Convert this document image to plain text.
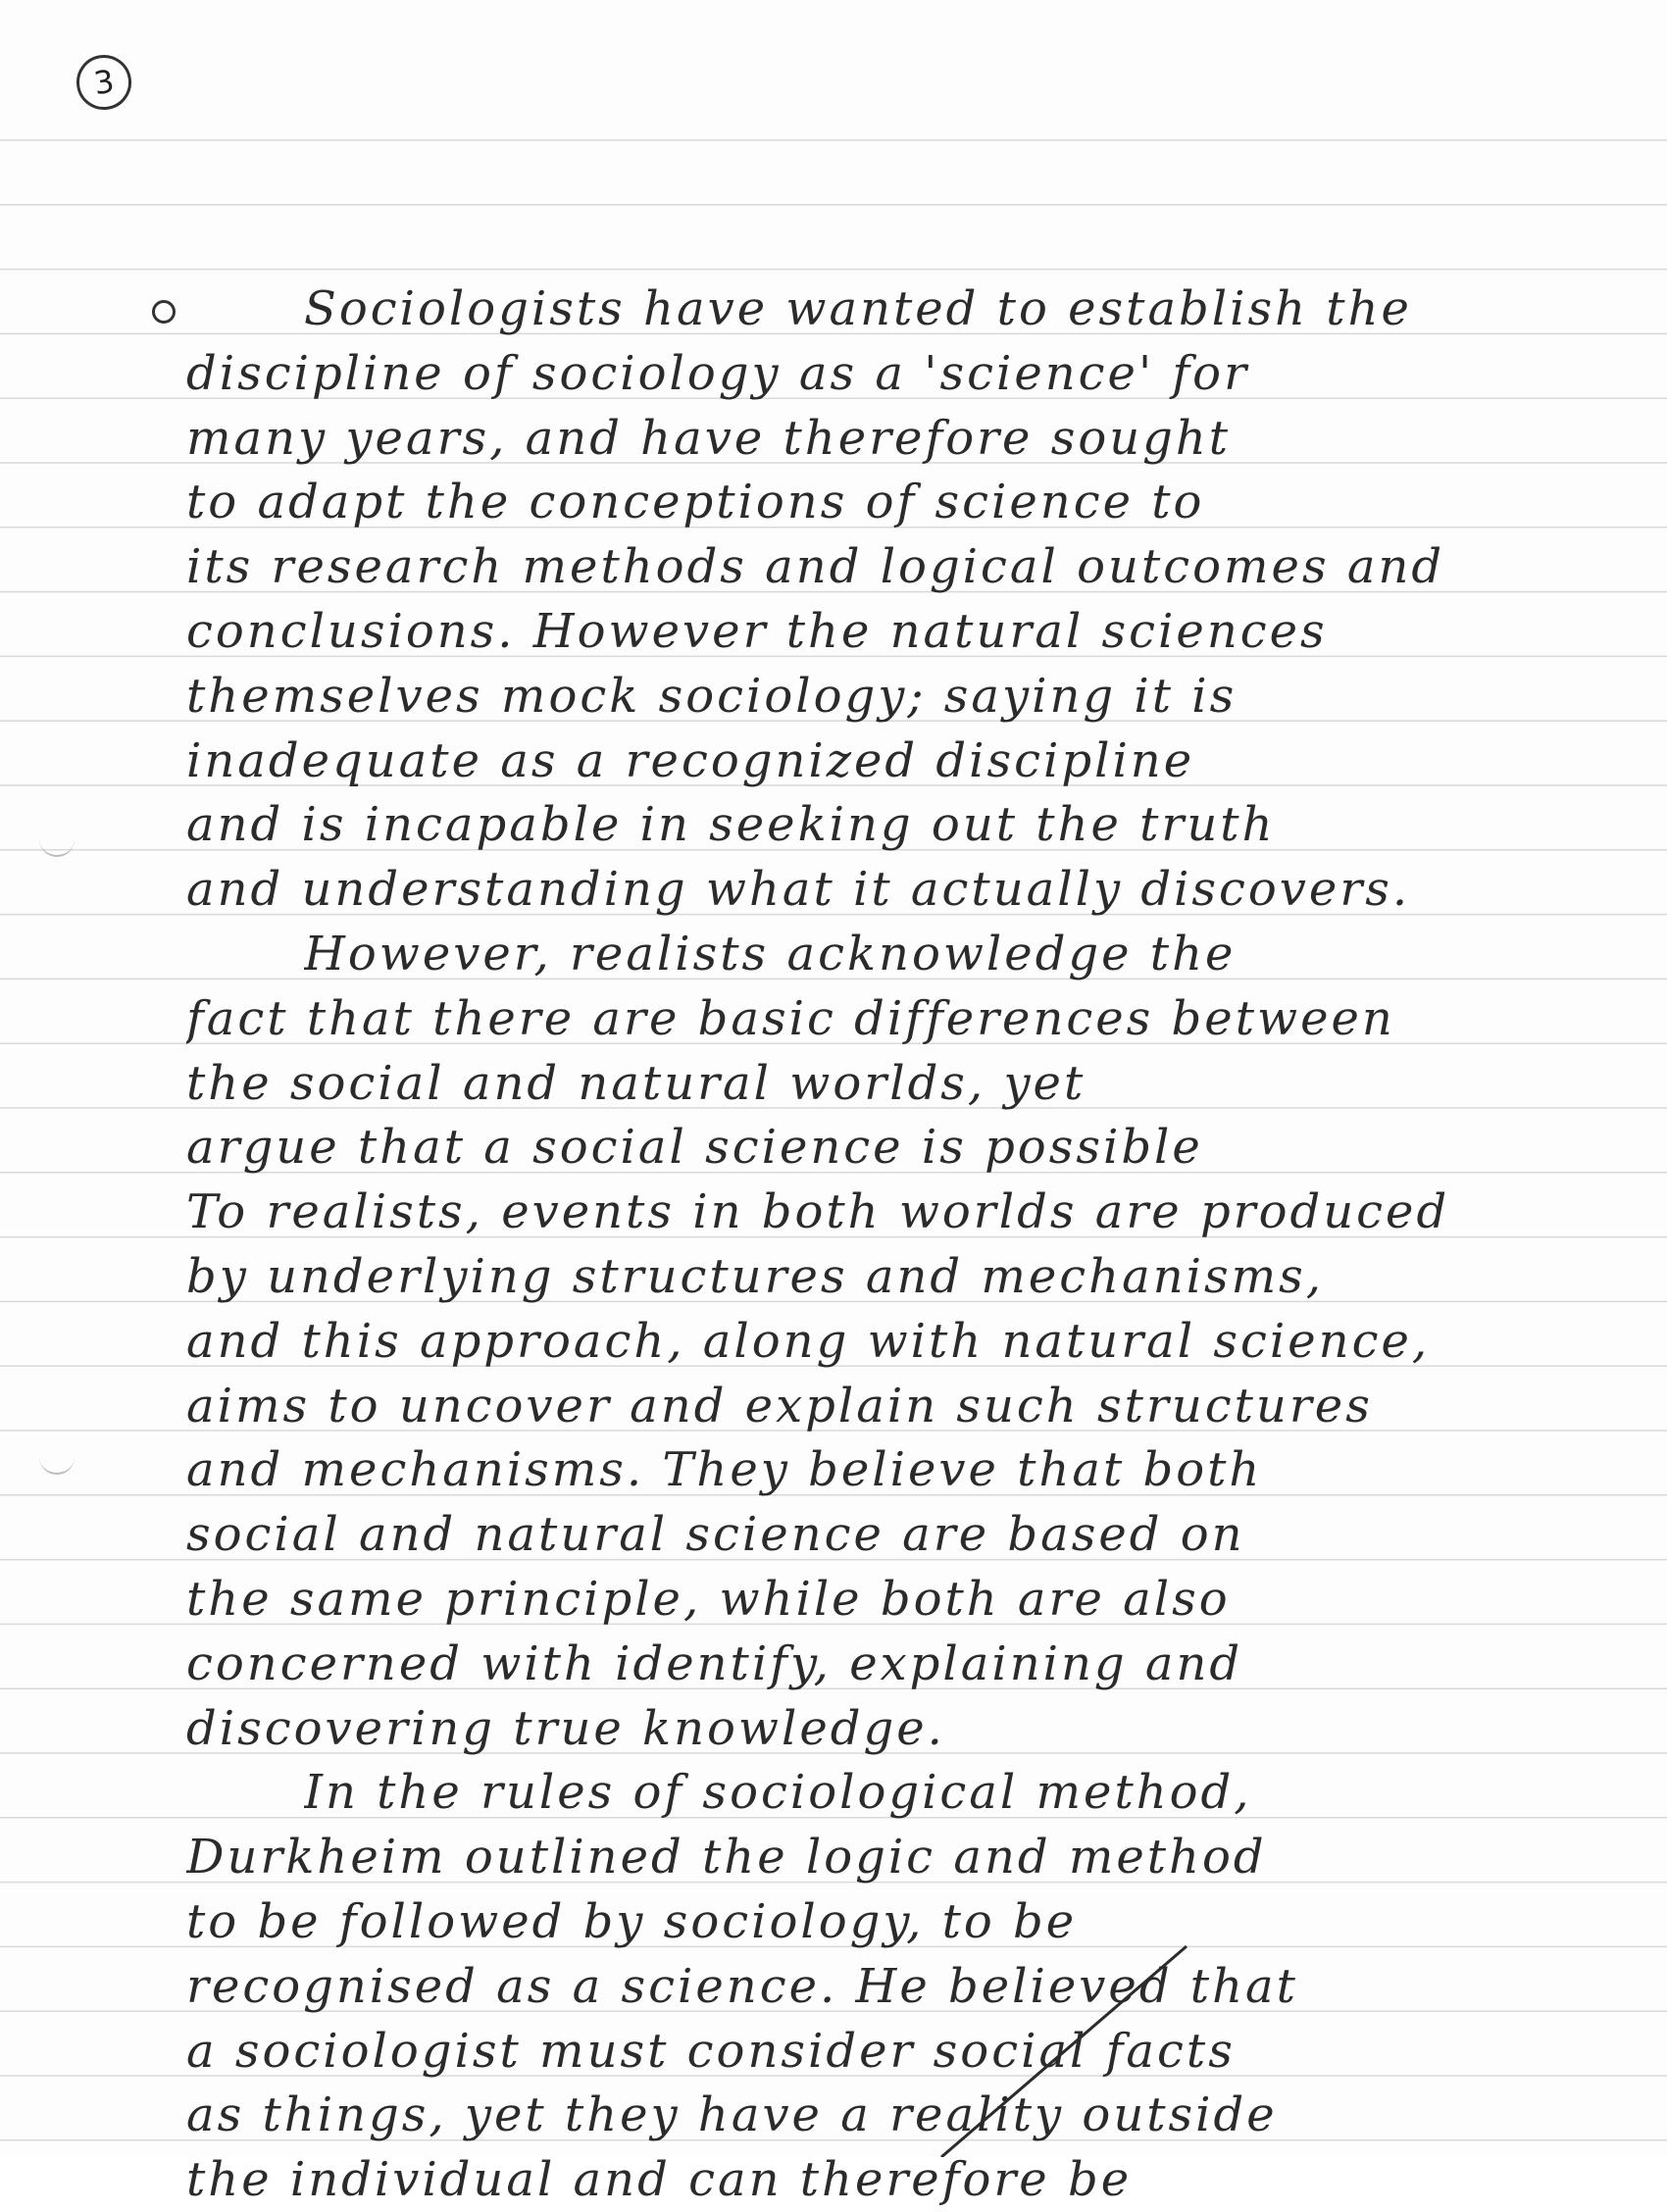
3
Sociologists have wanted to establish the
discipline of sociology as a 'science' for
many years, and have therefore sought
to adapt the conceptions of science to
its research methods and logical outcomes and
conclusions. However the natural sciences
themselves mock sociology; saying it is
inadequate as a recognized discipline
and is incapable in seeking out the truth
and understanding what it actually discovers.
However, realists acknowledge the
fact that there are basic differences between
the social and natural worlds, yet
argue that a social science is possible
To realists, events in both worlds are produced
by underlying structures and mechanisms,
and this approach, along with natural science,
aims to uncover and explain such structures
and mechanisms. They believe that both
social and natural science are based on
the same principle, while both are also
concerned with identify, explaining and
discovering true knowledge.
In the rules of sociological method,
Durkheim outlined the logic and method
to be followed by sociology, to be
recognised as a science. He believed that
a sociologist must consider social facts
as things, yet they have a reality outside
the individual and can therefore be
